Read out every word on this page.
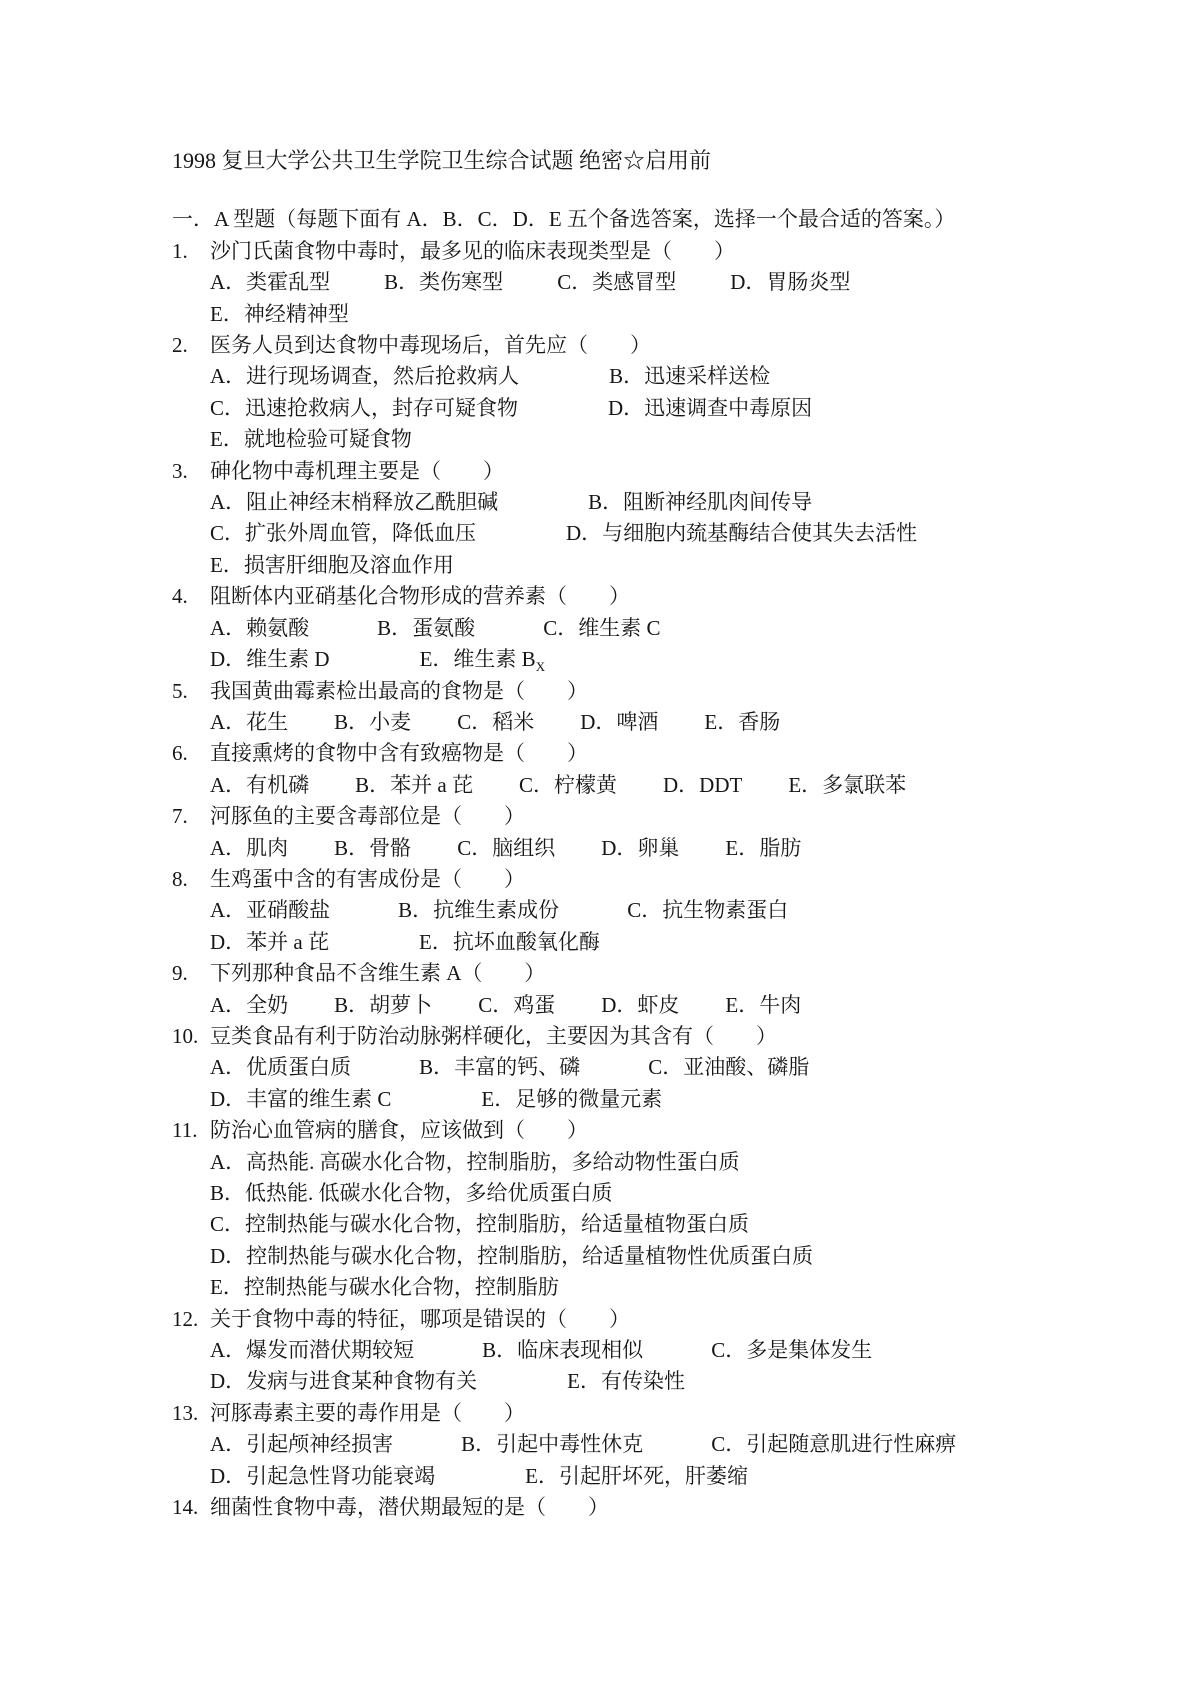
1998 复旦大学公共卫生学院卫生综合试题 绝密☆启用前
一．A 型题（每题下面有 A．B．C．D．E 五个备选答案，选择一个最合适的答案。）
1. 沙门氏菌食物中毒时，最多见的临床表现类型是（　　）
A．类霍乱型	B．类伤寒型	C．类感冒型	D．胃肠炎型
E．神经精神型
2. 医务人员到达食物中毒现场后，首先应（　　）
A．进行现场调查，然后抢救病人	B．迅速采样送检
C．迅速抢救病人，封存可疑食物	D．迅速调查中毒原因
E．就地检验可疑食物
3. 砷化物中毒机理主要是（　　）
A．阻止神经末梢释放乙酰胆碱	B．阻断神经肌肉间传导
C．扩张外周血管，降低血压	D．与细胞内巯基酶结合使其失去活性
E．损害肝细胞及溶血作用
4. 阻断体内亚硝基化合物形成的营养素（　　）
A．赖氨酸	B．蛋氨酸	C．维生素 C
D．维生素 D	E．维生素 $B_X$
5. 我国黄曲霉素检出最高的食物是（　　）
A．花生 B．小麦 C．稻米 D．啤酒 E．香肠
6. 直接熏烤的食物中含有致癌物是（　　）
A．有机磷 B．苯并 a 芘 C．柠檬黄 D．DDT E．多氯联苯
7. 河豚鱼的主要含毒部位是（　　）
A．肌肉 B．骨骼 C．脑组织 D．卵巢 E．脂肪
8. 生鸡蛋中含的有害成份是（　　）
A．亚硝酸盐	B．抗维生素成份	C．抗生物素蛋白
D．苯并 a 芘	E．抗坏血酸氧化酶
9. 下列那种食品不含维生素 A（　　）
A．全奶 B．胡萝卜 C．鸡蛋 D．虾皮 E．牛肉
10. 豆类食品有利于防治动脉粥样硬化，主要因为其含有（　　）
A．优质蛋白质	B．丰富的钙、磷	C．亚油酸、磷脂
D．丰富的维生素 C	E．足够的微量元素
11. 防治心血管病的膳食，应该做到（　　）
A．高热能. 高碳水化合物，控制脂肪，多给动物性蛋白质
B．低热能. 低碳水化合物，多给优质蛋白质
C．控制热能与碳水化合物，控制脂肪，给适量植物蛋白质
D．控制热能与碳水化合物，控制脂肪，给适量植物性优质蛋白质
E．控制热能与碳水化合物，控制脂肪
12. 关于食物中毒的特征，哪项是错误的（　　）
A．爆发而潜伏期较短	B．临床表现相似	C．多是集体发生
D．发病与进食某种食物有关	E．有传染性
13. 河豚毒素主要的毒作用是（　　）
A．引起颅神经损害	B．引起中毒性休克	C．引起随意肌进行性麻痹
D．引起急性肾功能衰竭	E．引起肝坏死，肝萎缩
14. 细菌性食物中毒，潜伏期最短的是（　　）
